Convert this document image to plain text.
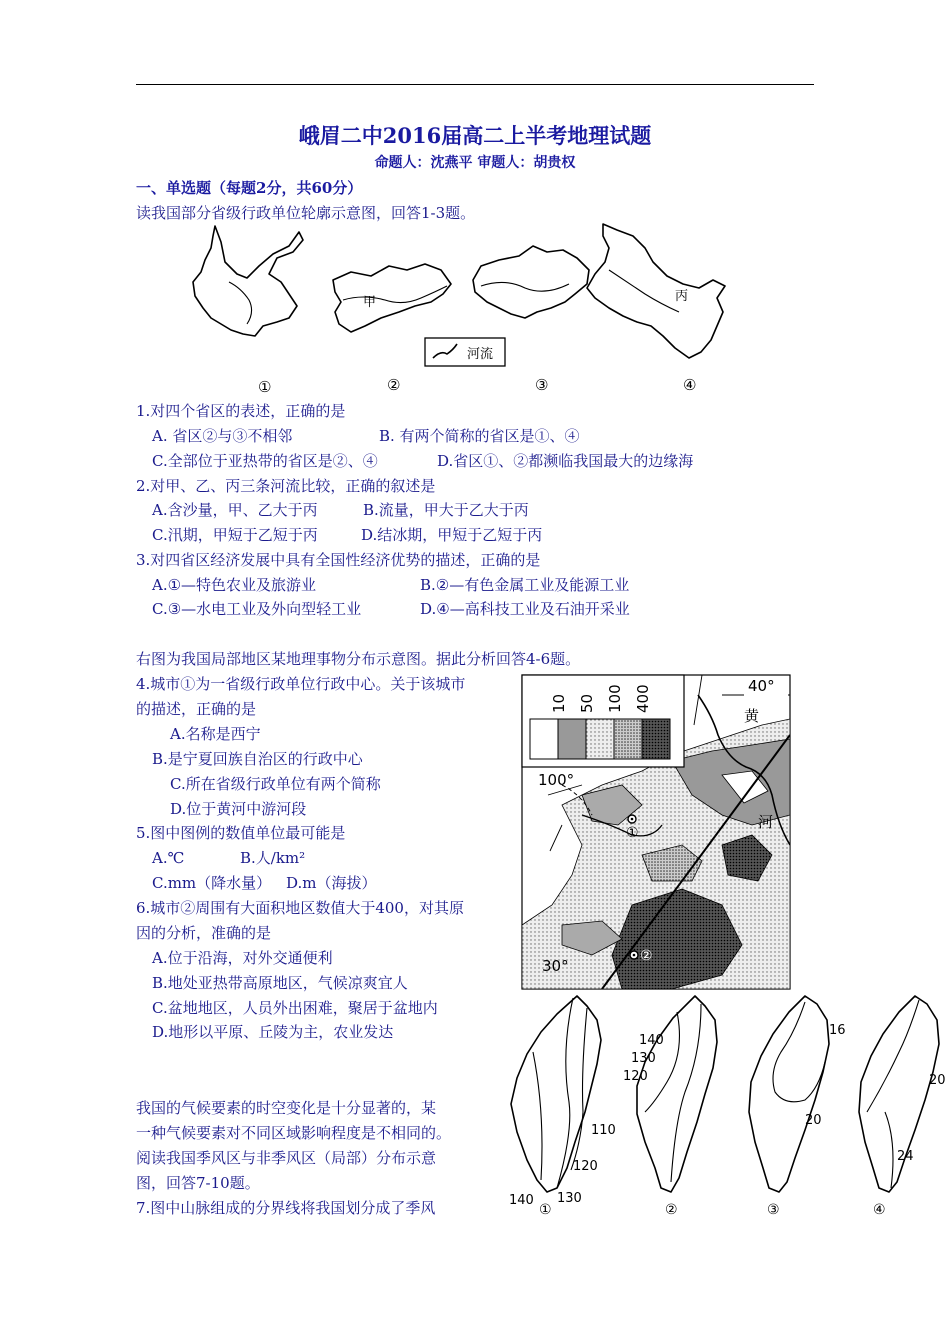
峨眉二中2016届高二上半考地理试题
命题人：沈燕平 审题人：胡贵权
一、单选题（每题2分，共60分）
读我国部分省级行政单位轮廓示意图，回答1-3题。
甲
河流
丙
①	②	③	④
1.对四个省区的表述，正确的是
A. 省区②与③不相邻	B. 有两个简称的省区是①、④
C.全部位于亚热带的省区是②、④	D.省区①、②都濒临我国最大的边缘海
2.对甲、乙、丙三条河流比较，正确的叙述是
A.含沙量，甲、乙大于丙	B.流量，甲大于乙大于丙
C.汛期，甲短于乙短于丙	D.结冰期，甲短于乙短于丙
3.对四省区经济发展中具有全国性经济优势的描述，正确的是
A.①—特色农业及旅游业	B.②—有色金属工业及能源工业
C.③—水电工业及外向型轻工业	D.④—高科技工业及石油开采业
右图为我国局部地区某地理事物分布示意图。据此分析回答4-6题。
4.城市①为一省级行政单位行政中心。关于该城市
的描述，正确的是
A.名称是西宁
B.是宁夏回族自治区的行政中心
C.所在省级行政单位有两个简称
D.位于黄河中游河段
5.图中图例的数值单位最可能是
A.℃	B.人/km²
C.mm（降水量） D.m（海拔）
6.城市②周围有大面积地区数值大于400，对其原
因的分析，准确的是
A.位于沿海，对外交通便利
B.地处亚热带高原地区，气候凉爽宜人
C.盆地地区，人员外出困难，聚居于盆地内
D.地形以平原、丘陵为主，农业发达
10 50 100 400	40°
100°
30°
黄
河
①
②
110
120
130
140
①
140
130
120
②
16
20
③
20
24
④
我国的气候要素的时空变化是十分显著的，某
一种气候要素对不同区域影响程度是不相同的。
阅读我国季风区与非季风区（局部）分布示意
图，回答7-10题。
7.图中山脉组成的分界线将我国划分成了季风
